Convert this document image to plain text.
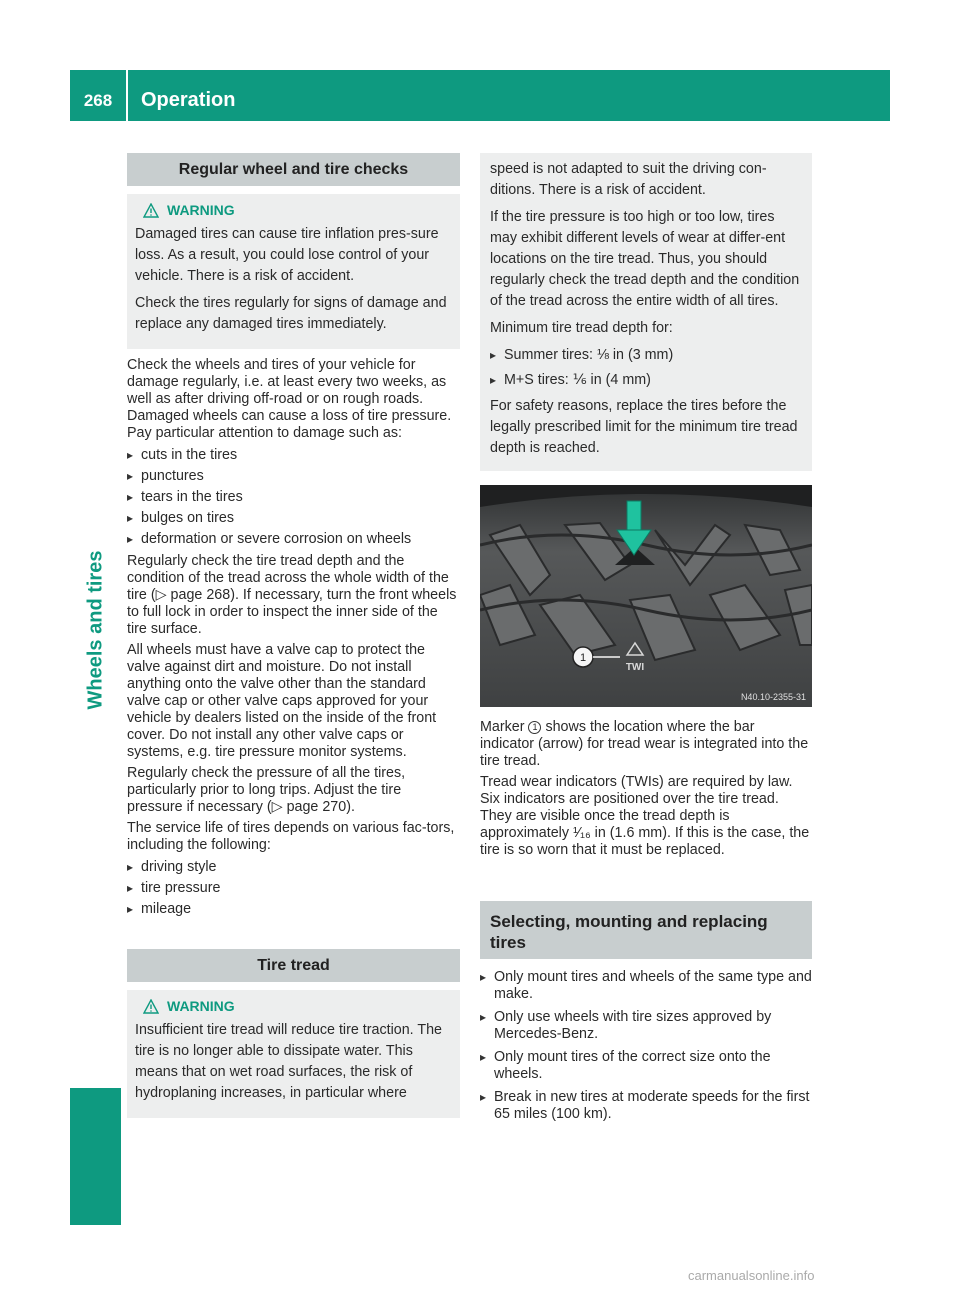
268	Operation
Wheels and tires
Regular wheel and tire checks
WARNING

Damaged tires can cause tire inflation pres-sure loss. As a result, you could lose control of your vehicle. There is a risk of accident.

Check the tires regularly for signs of damage and replace any damaged tires immediately.

Check the wheels and tires of your vehicle for damage regularly, i.e. at least every two weeks, as well as after driving off-road or on rough roads. Damaged wheels can cause a loss of tire pressure. Pay particular attention to damage such as:

▸ cuts in the tires
▸ punctures
▸ tears in the tires
▸ bulges on tires
▸ deformation or severe corrosion on wheels

Regularly check the tire tread depth and the condition of the tread across the whole width of the tire (▷ page 268). If necessary, turn the front wheels to full lock in order to inspect the inner side of the tire surface.

All wheels must have a valve cap to protect the valve against dirt and moisture. Do not install anything onto the valve other than the standard valve cap or other valve caps approved for your vehicle by dealers listed on the inside of the front cover. Do not install any other valve caps or systems, e.g. tire pressure monitor systems.

Regularly check the pressure of all the tires, particularly prior to long trips. Adjust the tire pressure if necessary (▷ page 270).

The service life of tires depends on various fac-tors, including the following:

▸ driving style
▸ tire pressure
▸ mileage
Tire tread
WARNING

Insufficient tire tread will reduce tire traction. The tire is no longer able to dissipate water. This means that on wet road surfaces, the risk of hydroplaning increases, in particular where

speed is not adapted to suit the driving con-ditions. There is a risk of accident.

If the tire pressure is too high or too low, tires may exhibit different levels of wear at differ-ent locations on the tire tread. Thus, you should regularly check the tread depth and the condition of the tread across the entire width of all tires.

Minimum tire tread depth for:

▸ Summer tires: ⅛ in (3 mm)
▸ M+S tires: ⅙ in (4 mm)

For safety reasons, replace the tires before the legally prescribed limit for the minimum tire tread depth is reached.

1
TWI
N40.10-2355-31

Marker 1 shows the location where the bar indicator (arrow) for tread wear is integrated into the tire tread.

Tread wear indicators (TWIs) are required by law. Six indicators are positioned over the tire tread. They are visible once the tread depth is approximately ¹⁄₁₆ in (1.6 mm). If this is the case, the tire is so worn that it must be replaced.

Selecting, mounting and replacing tires
▸ Only mount tires and wheels of the same type and make.
▸ Only use wheels with tire sizes approved by Mercedes-Benz.
▸ Only mount tires of the correct size onto the wheels.
▸ Break in new tires at moderate speeds for the first 65 miles (100 km).
carmanualsonline.info
